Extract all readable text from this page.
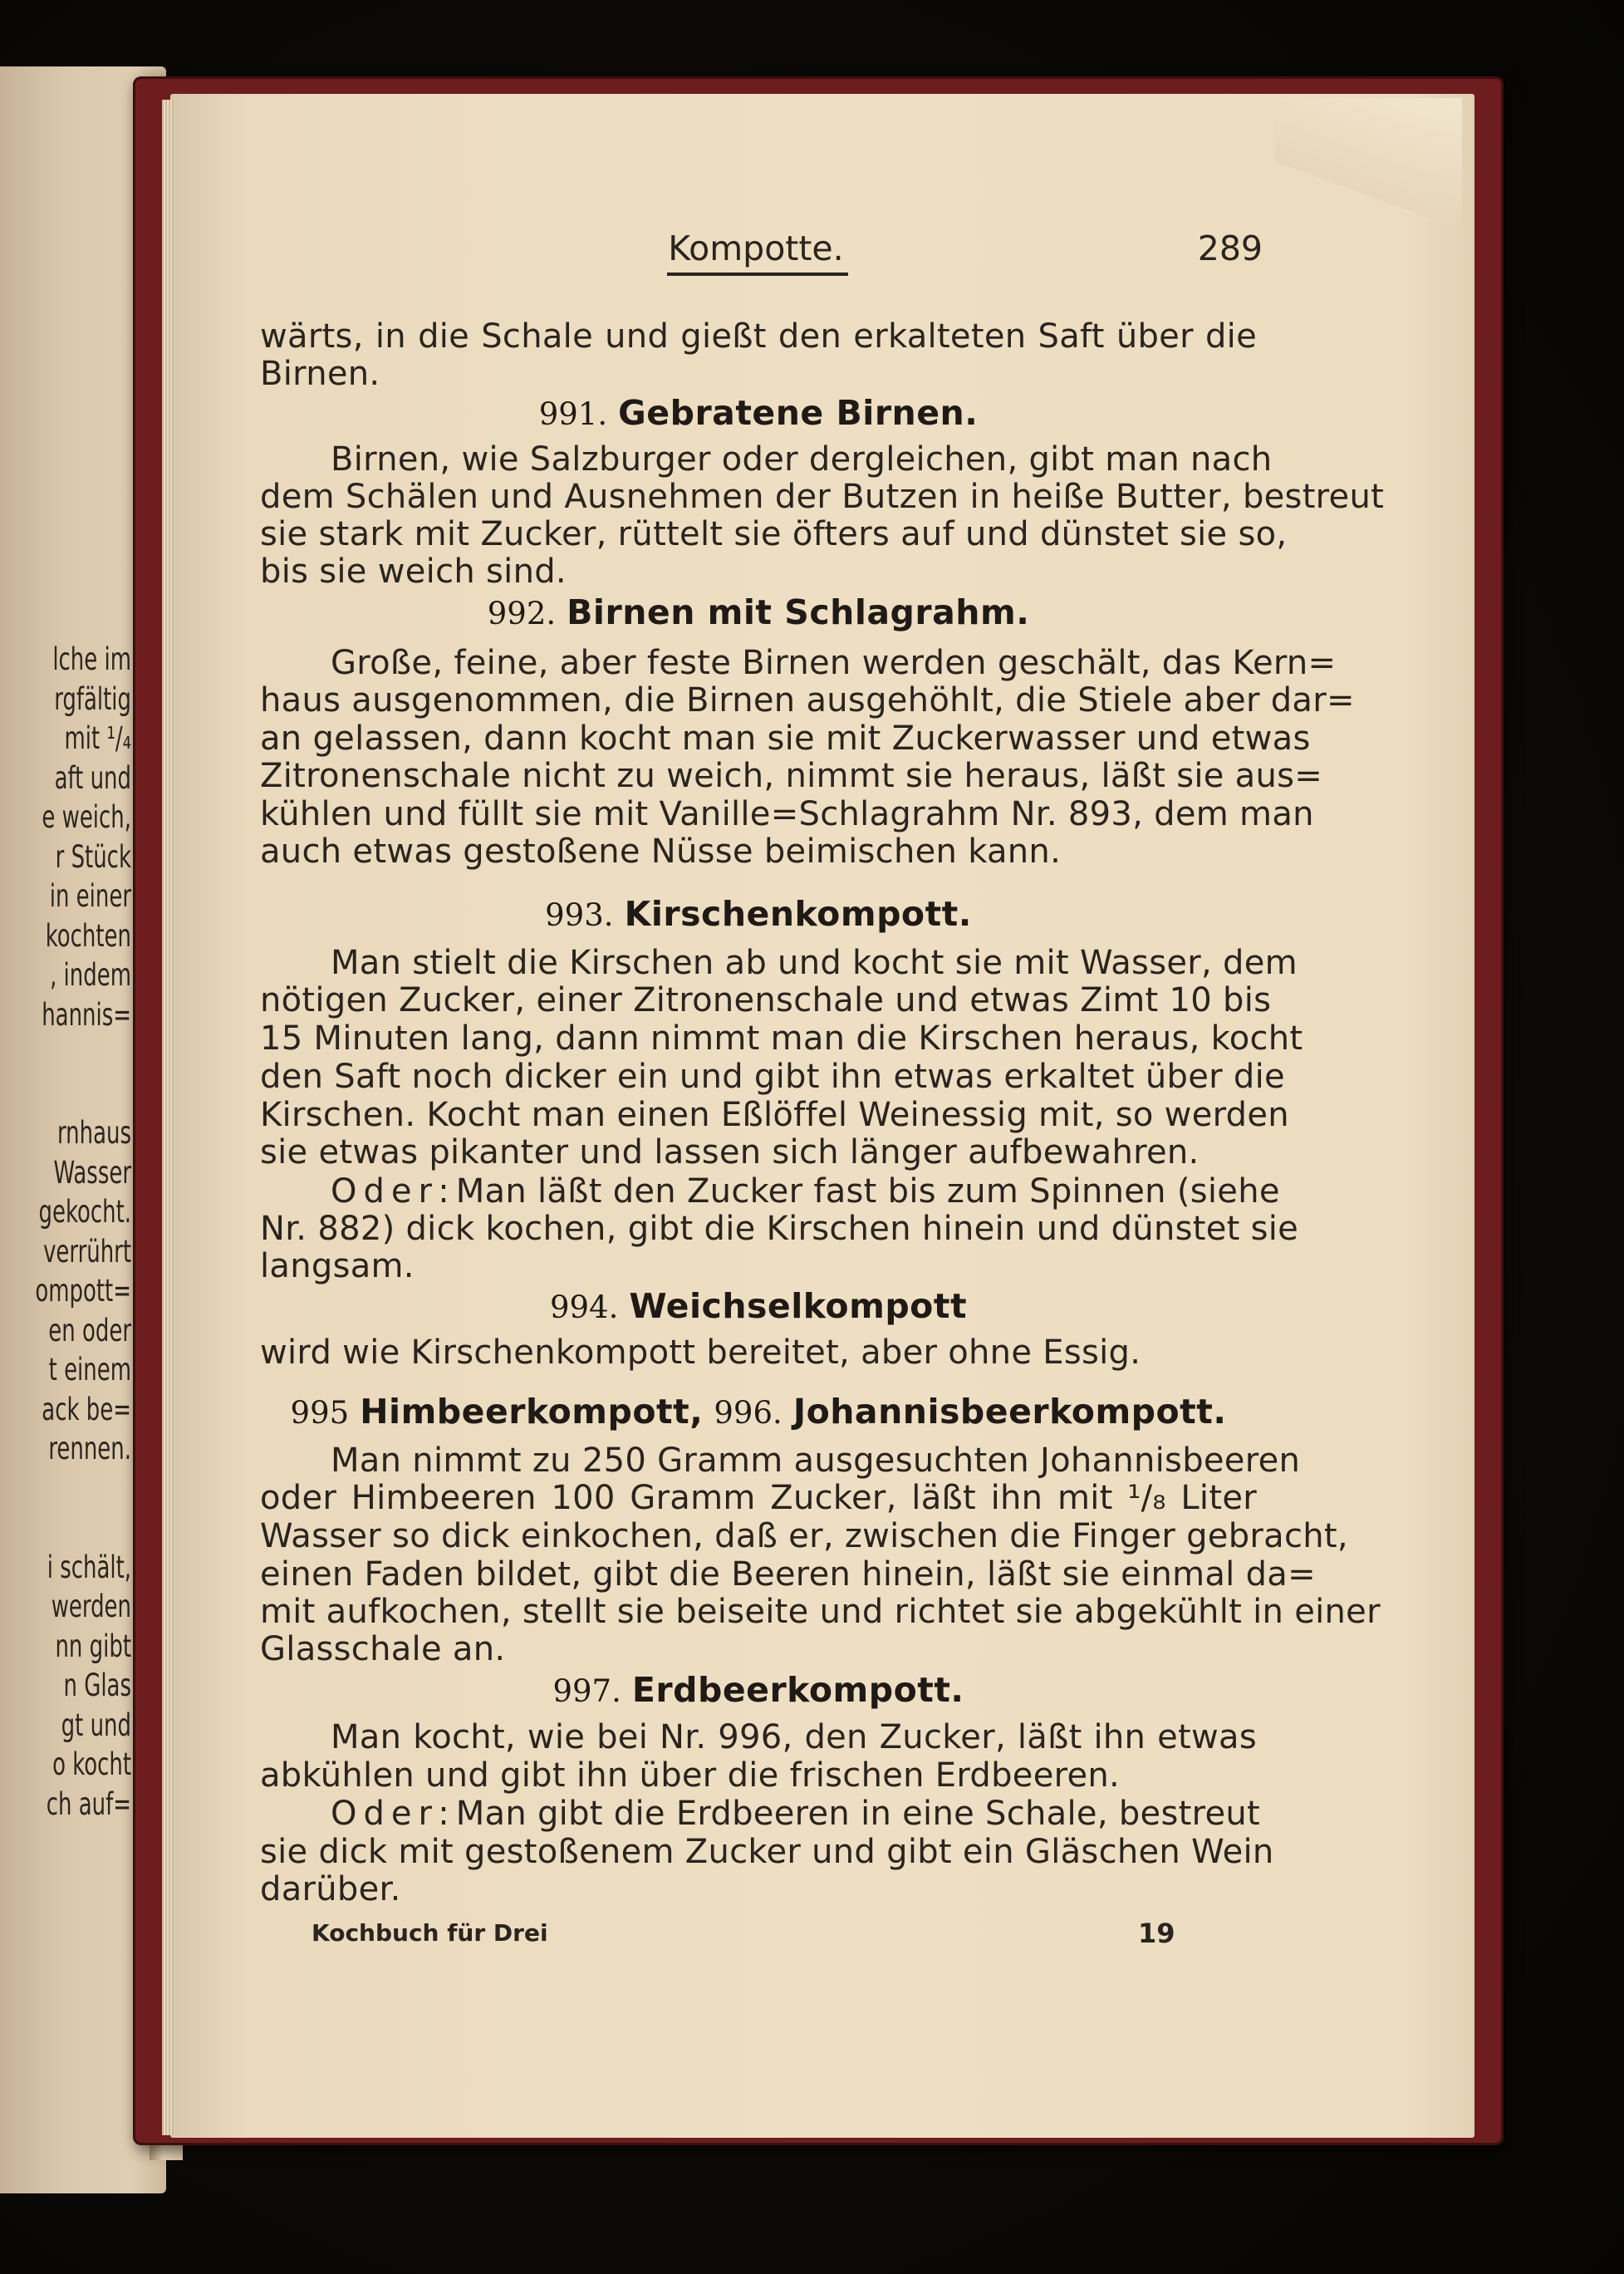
lche im
rgfältig
mit ¹/₄
aft und
e weich,
r Stück
in einer
kochten
, indem
hannis=
rnhaus
Wasser
gekocht.
verrührt
ompott=
en oder
t einem
ack be=
rennen.
i schält,
werden
nn gibt
n Glas
gt und
o kocht
ch auf=
Kompotte.	289
wärts, in die Schale und gießt den erkalteten Saft über die
Birnen.
991. Gebratene Birnen.
Birnen, wie Salzburger oder dergleichen, gibt man nach
dem Schälen und Ausnehmen der Butzen in heiße Butter, bestreut
sie stark mit Zucker, rüttelt sie öfters auf und dünstet sie so,
bis sie weich sind.
992. Birnen mit Schlagrahm.
Große, feine, aber feste Birnen werden geschält, das Kern=
haus ausgenommen, die Birnen ausgehöhlt, die Stiele aber dar=
an gelassen, dann kocht man sie mit Zuckerwasser und etwas
Zitronenschale nicht zu weich, nimmt sie heraus, läßt sie aus=
kühlen und füllt sie mit Vanille=Schlagrahm Nr. 893, dem man
auch etwas gestoßene Nüsse beimischen kann.
993. Kirschenkompott.
Man stielt die Kirschen ab und kocht sie mit Wasser, dem
nötigen Zucker, einer Zitronenschale und etwas Zimt 10 bis
15 Minuten lang, dann nimmt man die Kirschen heraus, kocht
den Saft noch dicker ein und gibt ihn etwas erkaltet über die
Kirschen. Kocht man einen Eßlöffel Weinessig mit, so werden
sie etwas pikanter und lassen sich länger aufbewahren.
Oder: Man läßt den Zucker fast bis zum Spinnen (siehe
Nr. 882) dick kochen, gibt die Kirschen hinein und dünstet sie
langsam.
994. Weichselkompott
wird wie Kirschenkompott bereitet, aber ohne Essig.
995 Himbeerkompott, 996. Johannisbeerkompott.
Man nimmt zu 250 Gramm ausgesuchten Johannisbeeren
oder Himbeeren 100 Gramm Zucker, läßt ihn mit ¹/₈ Liter
Wasser so dick einkochen, daß er, zwischen die Finger gebracht,
einen Faden bildet, gibt die Beeren hinein, läßt sie einmal da=
mit aufkochen, stellt sie beiseite und richtet sie abgekühlt in einer
Glasschale an.
997. Erdbeerkompott.
Man kocht, wie bei Nr. 996, den Zucker, läßt ihn etwas
abkühlen und gibt ihn über die frischen Erdbeeren.
Oder: Man gibt die Erdbeeren in eine Schale, bestreut
sie dick mit gestoßenem Zucker und gibt ein Gläschen Wein
darüber.
Kochbuch für Drei	19
